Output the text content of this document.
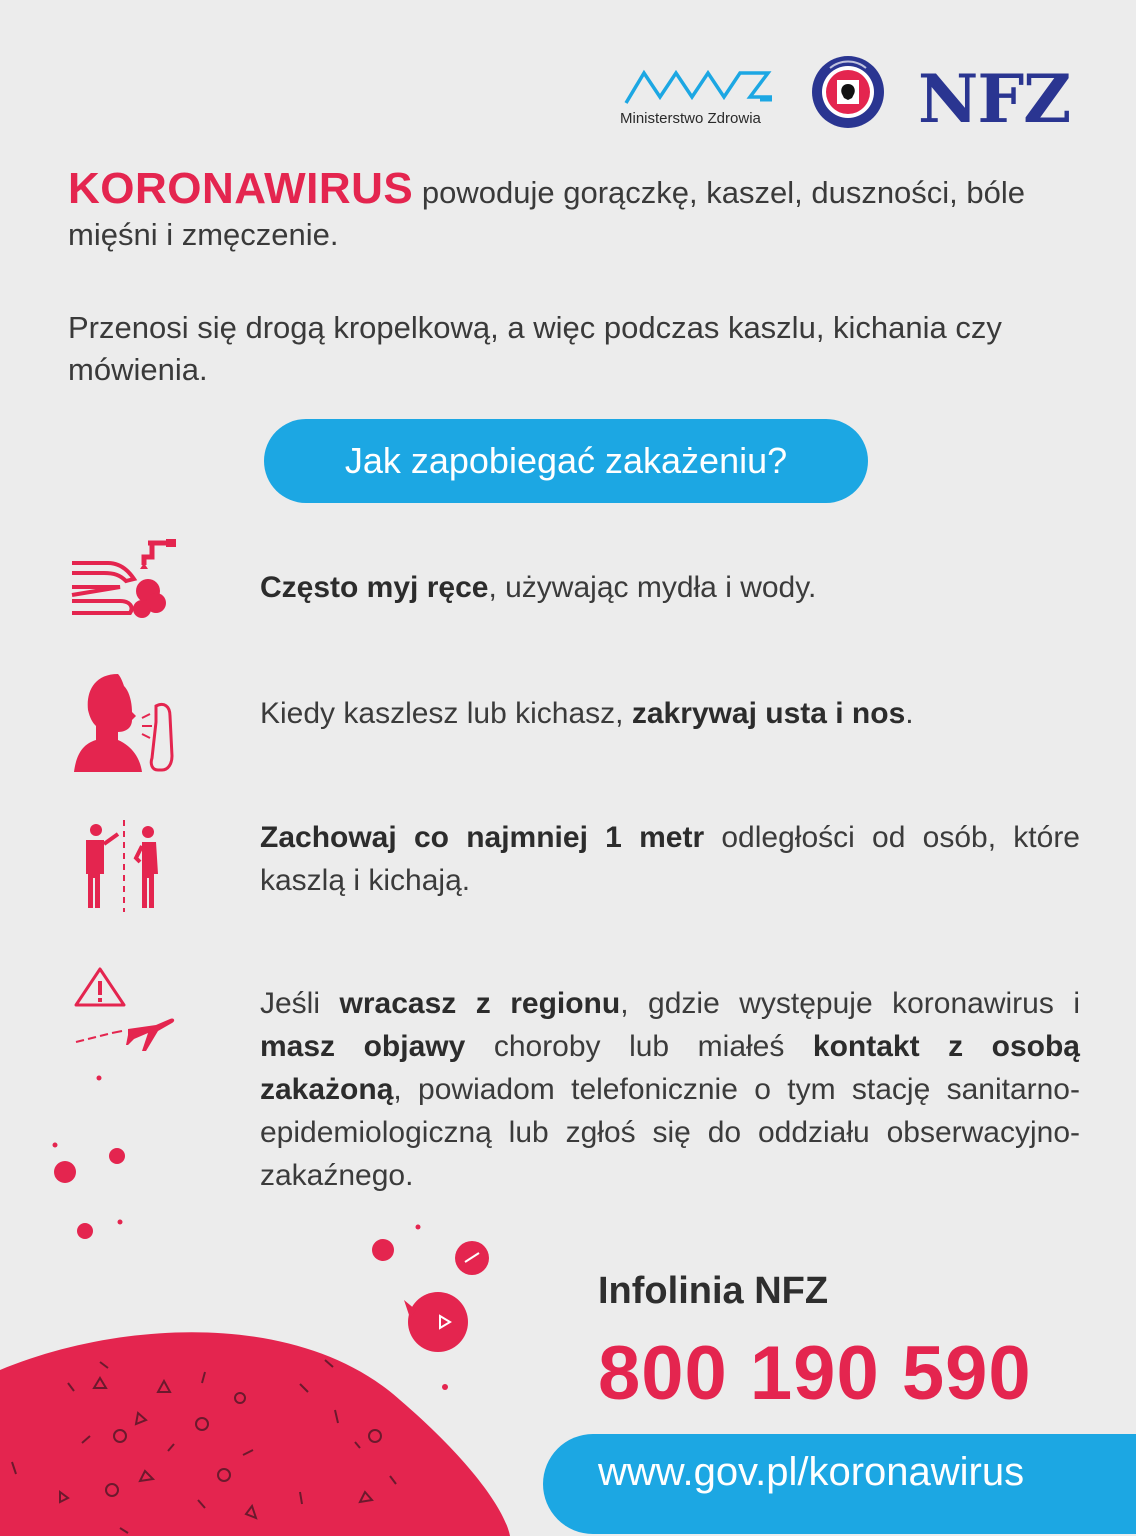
Ministerstwo Zdrowia NFZ
KORONAWIRUS powoduje gorączkę, kaszel, duszności, bóle mięśni i zmęczenie.
Przenosi się drogą kropelkową, a więc podczas kaszlu, kichania czy mówienia.
Jak zapobiegać zakażeniu?
Często myj ręce, używając mydła i wody.
Kiedy kaszlesz lub kichasz, zakrywaj usta i nos.
Zachowaj co najmniej 1 metr odległości od osób, które kaszlą i kichają.
Jeśli wracasz z regionu, gdzie występuje koronawirus i masz objawy choroby lub miałeś kontakt z osobą zakażoną, powiadom telefonicznie o tym stację sanitarno-epidemiologiczną lub zgłoś się do oddziału obserwacyjno-zakaźnego.
Infolinia NFZ
800 190 590
www.gov.pl/koronawirus
